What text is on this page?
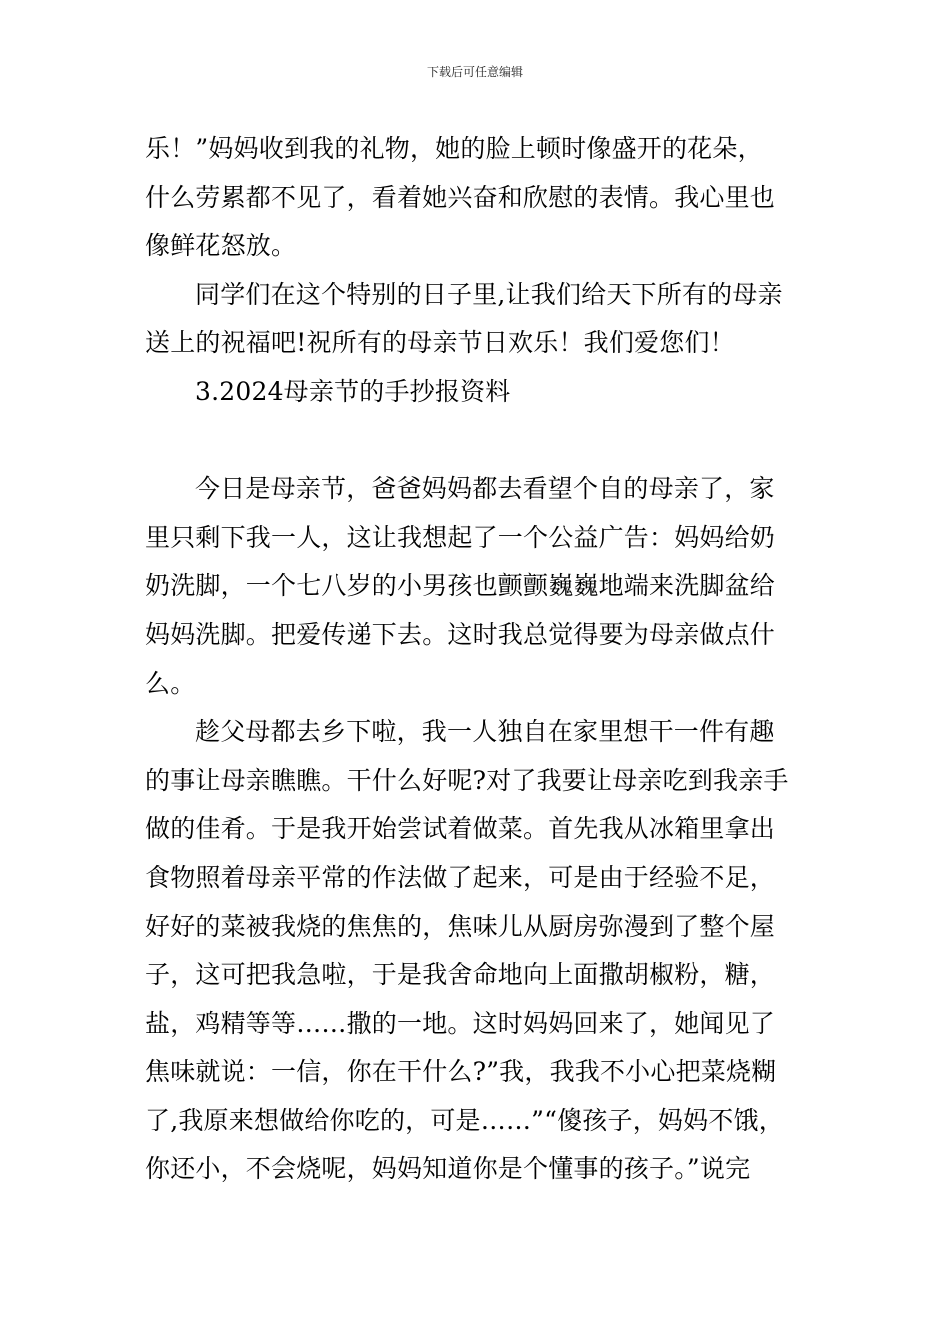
下载后可任意编辑
乐！”妈妈收到我的礼物，她的脸上顿时像盛开的花朵，
什么劳累都不见了，看着她兴奋和欣慰的表情。我心里也
像鲜花怒放。
同学们在这个特别的日子里,让我们给天下所有的母亲
送上的祝福吧!祝所有的母亲节日欢乐！我们爱您们！
3.2024母亲节的手抄报资料
今日是母亲节，爸爸妈妈都去看望个自的母亲了，家
里只剩下我一人，这让我想起了一个公益广告：妈妈给奶
奶洗脚，一个七八岁的小男孩也颤颤巍巍地端来洗脚盆给
妈妈洗脚。把爱传递下去。这时我总觉得要为母亲做点什
么。
趁父母都去乡下啦，我一人独自在家里想干一件有趣
的事让母亲瞧瞧。干什么好呢?对了我要让母亲吃到我亲手
做的佳肴。于是我开始尝试着做菜。首先我从冰箱里拿出
食物照着母亲平常的作法做了起来，可是由于经验不足，
好好的菜被我烧的焦焦的，焦味儿从厨房弥漫到了整个屋
子，这可把我急啦，于是我舍命地向上面撒胡椒粉，糖，
盐，鸡精等等……撒的一地。这时妈妈回来了，她闻见了
焦味就说：一信，你在干什么?”我，我我不小心把菜烧糊
了,我原来想做给你吃的，可是……”“傻孩子，妈妈不饿，
你还小，不会烧呢，妈妈知道你是个懂事的孩子。”说完
